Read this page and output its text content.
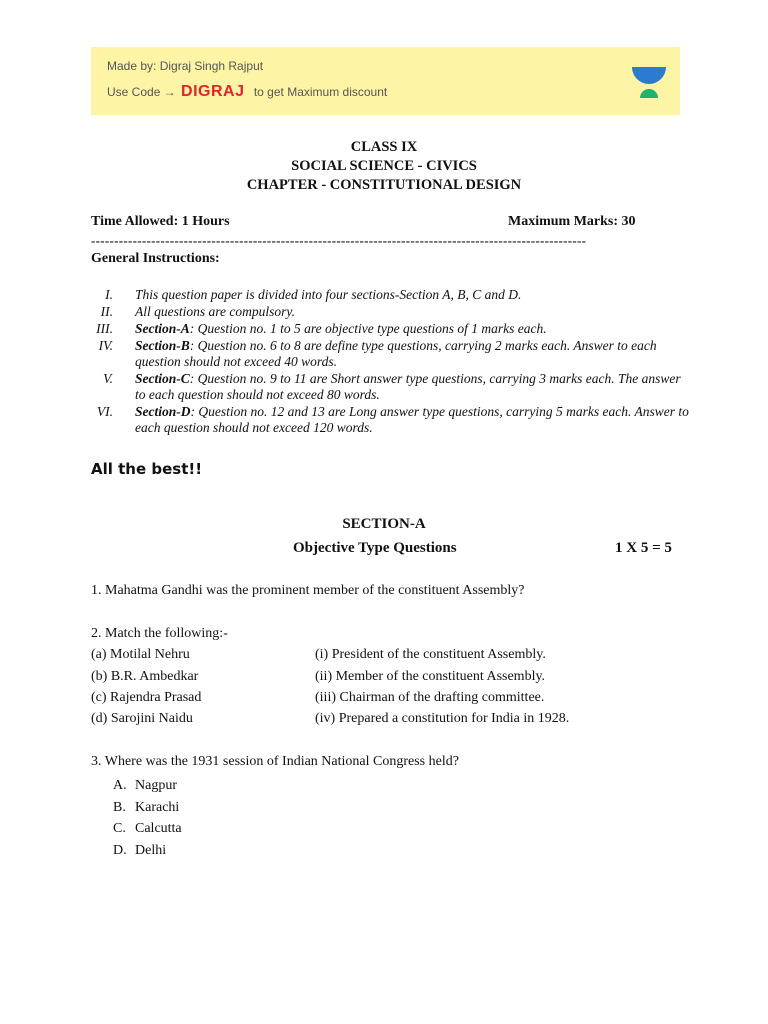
Made by: Digraj Singh Rajput
Use Code → DIGRAJ to get Maximum discount
CLASS IX
SOCIAL SCIENCE - CIVICS
CHAPTER - CONSTITUTIONAL DESIGN
Time Allowed: 1 Hours	Maximum Marks: 30
-----------------------------------------------------------------------------------------------------------
General Instructions:
I.	This question paper is divided into four sections-Section A, B, C and D.
II.	All questions are compulsory.
III.	Section-A: Question no. 1 to 5 are objective type questions of 1 marks each.
IV.	Section-B: Question no. 6 to 8 are define type questions, carrying 2 marks each. Answer to each question should not exceed 40 words.
V.	Section-C: Question no. 9 to 11 are Short answer type questions, carrying 3 marks each. The answer to each question should not exceed 80 words.
VI.	Section-D: Question no. 12 and 13 are Long answer type questions, carrying 5 marks each. Answer to each question should not exceed 120 words.
All the best!!
SECTION-A
Objective Type Questions	1 X 5 = 5
1. Mahatma Gandhi was the prominent member of the constituent Assembly?
2. Match the following:-
(a) Motilal Nehru	(i) President of the constituent Assembly.
(b) B.R. Ambedkar	(ii) Member of the constituent Assembly.
(c) Rajendra Prasad	(iii) Chairman of the drafting committee.
(d) Sarojini Naidu	(iv) Prepared a constitution for India in 1928.
3. Where was the 1931 session of Indian National Congress held?
A. Nagpur
B. Karachi
C. Calcutta
D. Delhi
